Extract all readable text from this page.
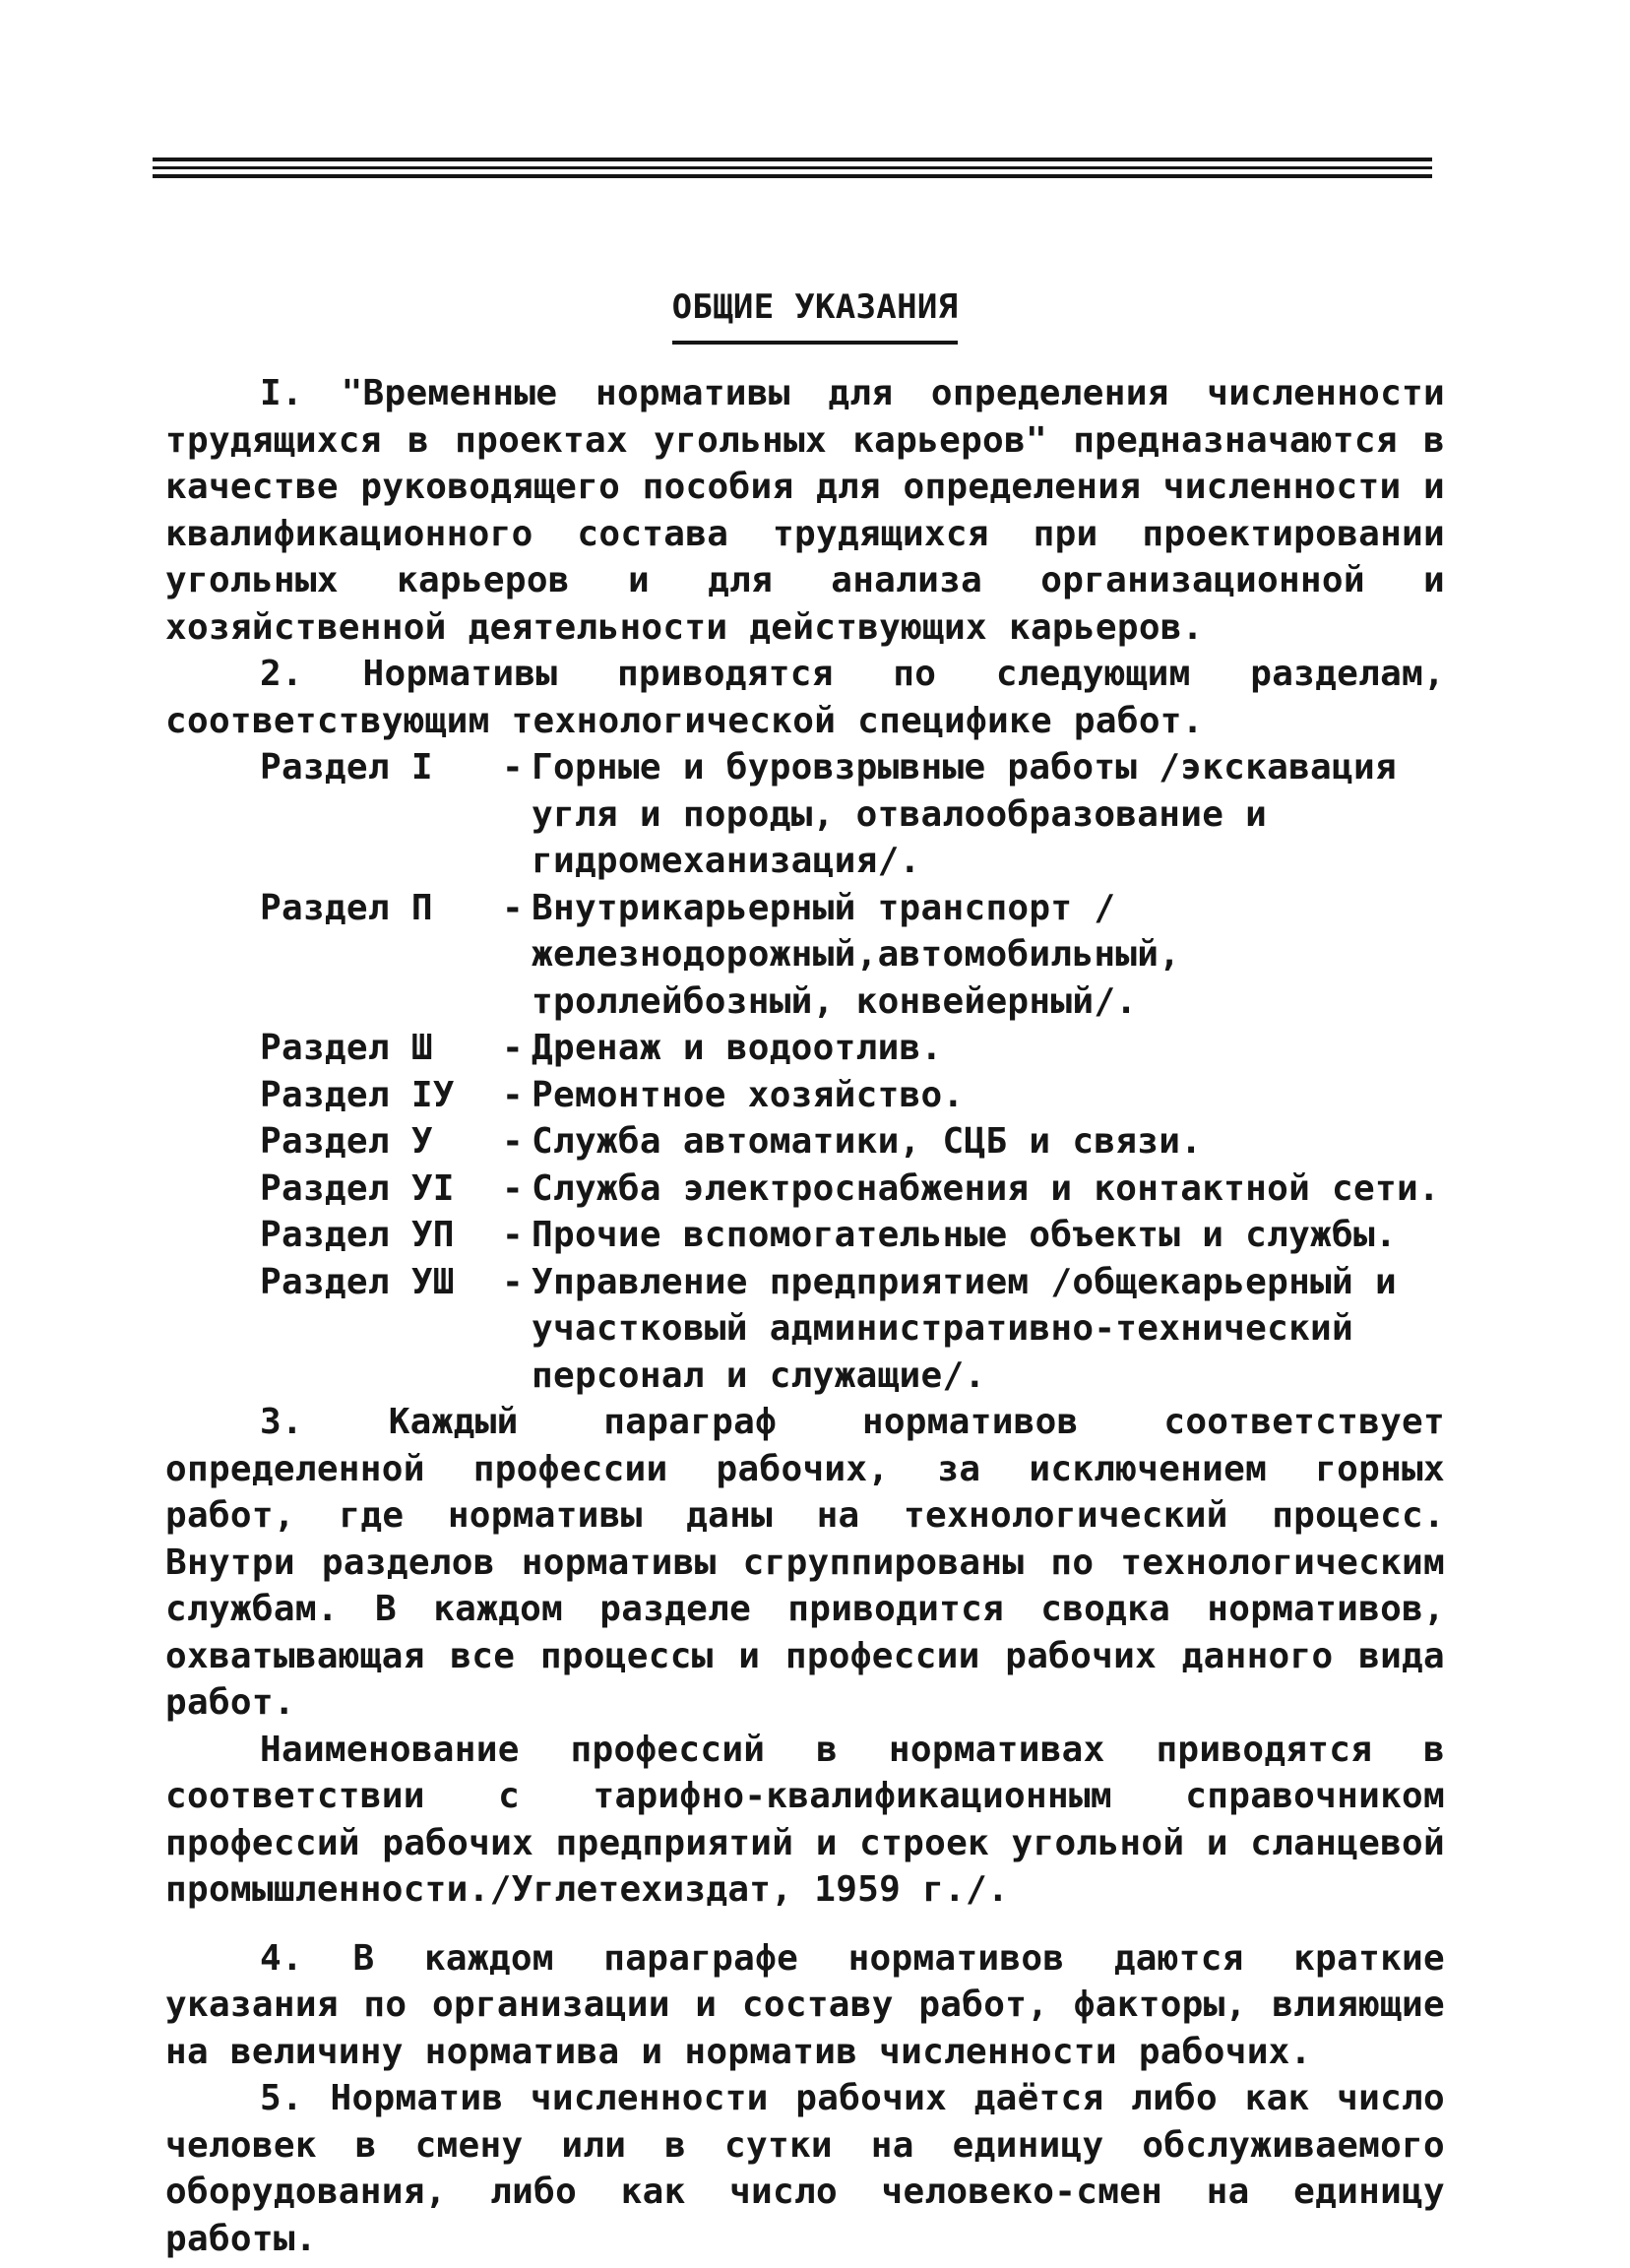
ОБЩИЕ УКАЗАНИЯ

I. "Временные нормативы для определения численности трудящихся в проектах угольных карьеров" предназначаются в качестве руководящего пособия для определения численности и квалификационного состава трудящихся при проектировании угольных карьеров и для анализа организационной и хозяйственной деятельности действующих карьеров.

2. Нормативы приводятся по следующим разделам, соответствующим технологической специфике работ.

Раздел I	- Горные и буровзрывные работы /экскавация угля и породы, отвалообразование и гидромеханизация/.
Раздел П	- Внутрикарьерный транспорт /железнодорожный,автомобильный, троллейбозный, конвейерный/.
Раздел Ш	- Дренаж и водоотлив.
Раздел IУ	- Ремонтное хозяйство.
Раздел У	- Служба автоматики, СЦБ и связи.
Раздел УI	- Служба электроснабжения и контактной сети.
Раздел УП	- Прочие вспомогательные объекты и службы.
Раздел УШ	- Управление предприятием /общекарьерный и участковый административно-технический персонал и служащие/.

3. Каждый параграф нормативов соответствует определенной профессии рабочих, за исключением горных работ, где нормативы даны на технологический процесс. Внутри разделов нормативы сгруппированы по технологическим службам. В каждом разделе приводится сводка нормативов, охватывающая все процессы и профессии рабочих данного вида работ.

Наименование профессий в нормативах приводятся в соответствии с тарифно-квалификационным справочником профессий рабочих предприятий и строек угольной и сланцевой промышленности./Углетехиздат, 1959 г./.

4. В каждом параграфе нормативов даются краткие указания по организации и составу работ, факторы, влияющие на величину норматива и норматив численности рабочих.

5. Норматив численности рабочих даётся либо как число человек в смену или в сутки на единицу обслуживаемого оборудования, либо как число человеко-смен на единицу работы.
